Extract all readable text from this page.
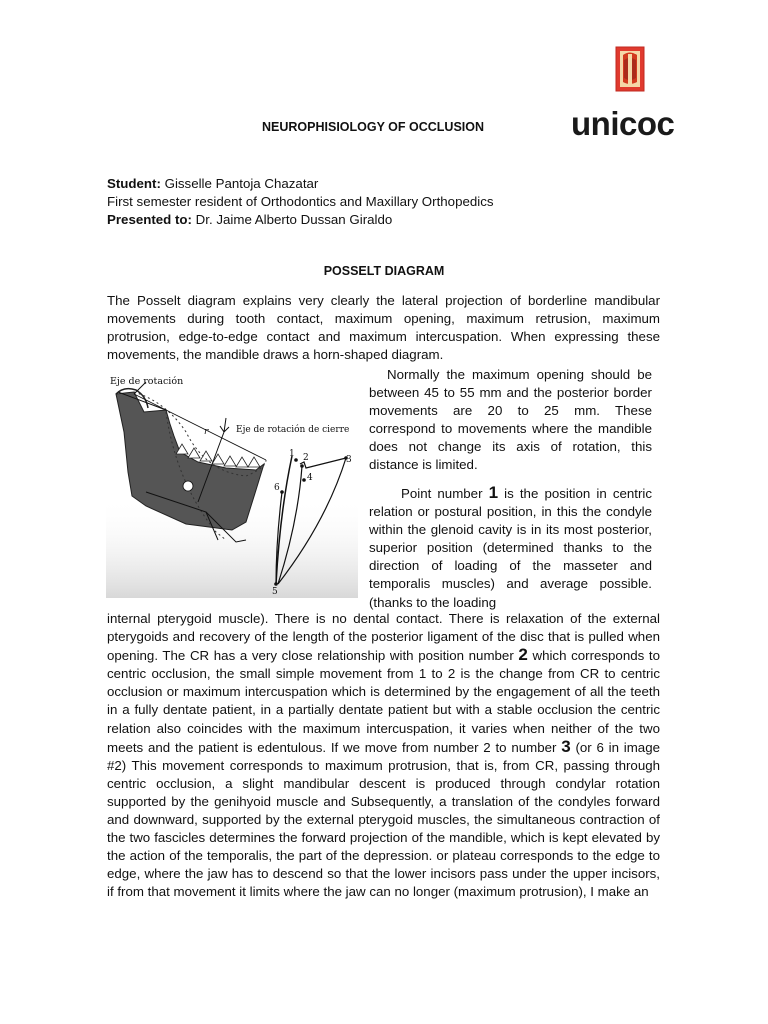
unicoc
NEUROPHISIOLOGY OF OCCLUSION
Student: Gisselle Pantoja Chazatar
First semester resident of Orthodontics and Maxillary Orthopedics
Presented to: Dr. Jaime Alberto Dussan Giraldo
POSSELT DIAGRAM
The Posselt diagram explains very clearly the lateral projection of borderline mandibular movements during tooth contact, maximum opening, maximum retrusion, maximum protrusion, edge-to-edge contact and maximum intercuspation. When expressing these movements, the mandible draws a horn-shaped diagram.
Eje de rotación
Eje de rotación de cierre
r
1 2	3
4
5
6
Normally the maximum opening should be between 45 to 55 mm and the posterior border movements are 20 to 25 mm. These correspond to movements where the mandible does not change its axis of rotation, this distance is limited.
Point number 1 is the position in centric relation or postural position, in this the condyle within the glenoid cavity is in its most posterior, superior position (determined thanks to the direction of loading of the masseter and temporalis muscles) and average possible. (thanks to the loading
internal pterygoid muscle). There is no dental contact. There is relaxation of the external pterygoids and recovery of the length of the posterior ligament of the disc that is pulled when opening. The CR has a very close relationship with position number 2 which corresponds to centric occlusion, the small simple movement from 1 to 2 is the change from CR to centric occlusion or maximum intercuspation which is determined by the engagement of all the teeth in a fully dentate patient, in a partially dentate patient but with a stable occlusion the centric relation also coincides with the maximum intercuspation, it varies when neither of the two meets and the patient is edentulous. If we move from number 2 to number 3 (or 6 in image #2) This movement corresponds to maximum protrusion, that is, from CR, passing through centric occlusion, a slight mandibular descent is produced through condylar rotation supported by the genihyoid muscle and Subsequently, a translation of the condyles forward and downward, supported by the external pterygoid muscles, the simultaneous contraction of the two fascicles determines the forward projection of the mandible, which is kept elevated by the action of the temporalis, the part of the depression. or plateau corresponds to the edge to edge, where the jaw has to descend so that the lower incisors pass under the upper incisors, if from that movement it limits where the jaw can no longer (maximum protrusion), I make an
